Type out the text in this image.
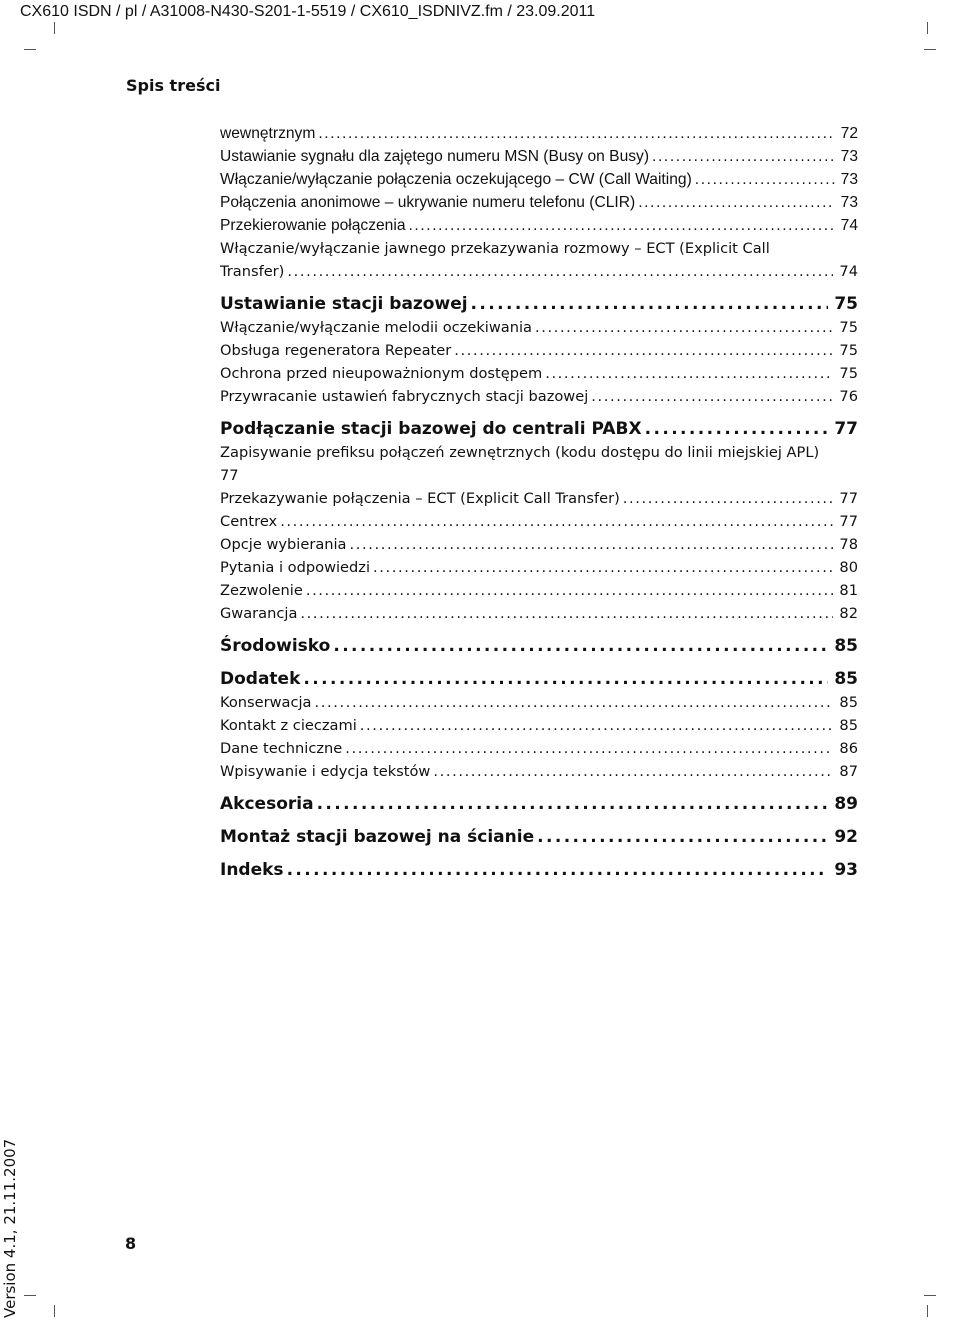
CX610 ISDN / pl / A31008-N430-S201-1-5519 / CX610_ISDNIVZ.fm / 23.09.2011
Spis treści
wewnętrznym .....	72
Ustawianie sygnału dla zajętego numeru MSN (Busy on Busy) .....	73
Włączanie/wyłączanie połączenia oczekującego – CW (Call Waiting) .....	73
Połączenia anonimowe – ukrywanie numeru telefonu (CLIR) .....	73
Przekierowanie połączenia .....	74
Włączanie/wyłączanie jawnego przekazywania rozmowy – ECT (Explicit Call
Transfer) .....	74
Ustawianie stacji bazowej .....	75
Włączanie/wyłączanie melodii oczekiwania .....	75
Obsługa regeneratora Repeater .....	75
Ochrona przed nieupoważnionym dostępem .....	75
Przywracanie ustawień fabrycznych stacji bazowej .....	76
Podłączanie stacji bazowej do centrali PABX .....	77
Zapisywanie prefiksu połączeń zewnętrznych (kodu dostępu do linii miejskiej APL)
77
Przekazywanie połączenia – ECT (Explicit Call Transfer) .....	77
Centrex .....	77
Opcje wybierania .....	78
Pytania i odpowiedzi .....	80
Zezwolenie .....	81
Gwarancja .....	82
Środowisko .....	85
Dodatek .....	85
Konserwacja .....	85
Kontakt z cieczami .....	85
Dane techniczne .....	86
Wpisywanie i edycja tekstów .....	87
Akcesoria .....	89
Montaż stacji bazowej na ścianie .....	92
Indeks .....	93
8
Version 4.1, 21.11.2007
